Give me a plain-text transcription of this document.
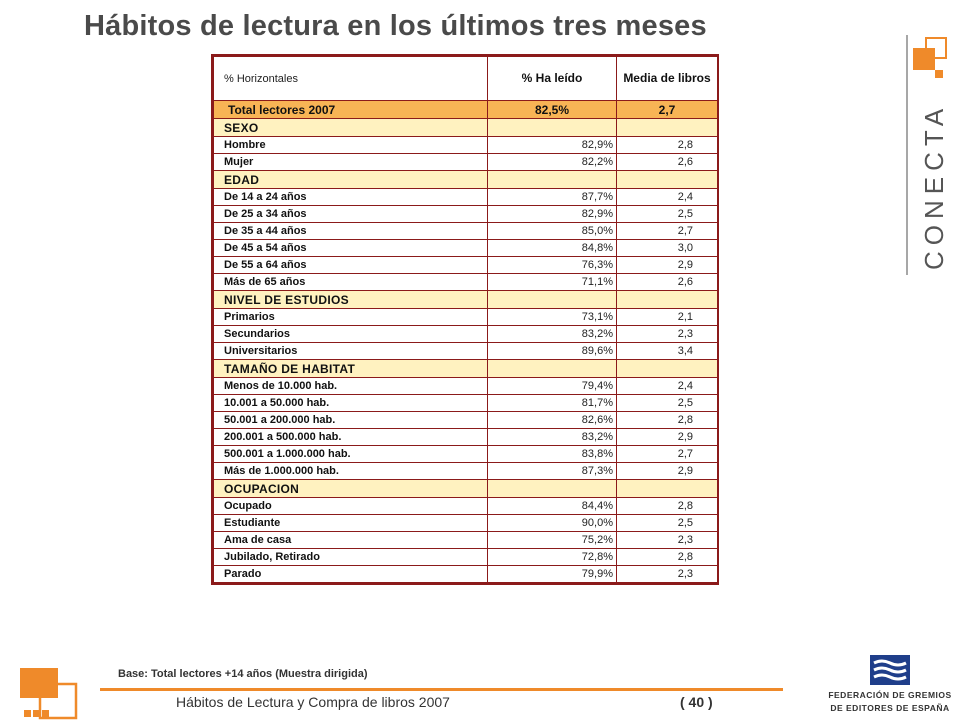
Hábitos de lectura en los últimos tres meses
% Horizontales	% Ha leído	Media de libros
Total lectores 2007	82,5%	2,7
SEXO		
Hombre	82,9%	2,8
Mujer	82,2%	2,6
EDAD		
De 14 a 24 años	87,7%	2,4
De 25 a 34 años	82,9%	2,5
De 35 a 44 años	85,0%	2,7
De 45 a 54 años	84,8%	3,0
De 55 a 64 años	76,3%	2,9
Más de 65 años	71,1%	2,6
NIVEL DE ESTUDIOS		
Primarios	73,1%	2,1
Secundarios	83,2%	2,3
Universitarios	89,6%	3,4
TAMAÑO DE HABITAT		
Menos de 10.000 hab.	79,4%	2,4
10.001 a 50.000 hab.	81,7%	2,5
50.001 a 200.000 hab.	82,6%	2,8
200.001 a 500.000 hab.	83,2%	2,9
500.001 a 1.000.000 hab.	83,8%	2,7
Más de 1.000.000 hab.	87,3%	2,9
OCUPACION		
Ocupado	84,4%	2,8
Estudiante	90,0%	2,5
Ama de casa	75,2%	2,3
Jubilado, Retirado	72,8%	2,8
Parado	79,9%	2,3
CONECTA
Base: Total lectores +14 años (Muestra dirigida)
Hábitos de Lectura y Compra de libros 2007	( 40 )	FEDERACIÓN DE GREMIOS
DE EDITORES DE ESPAÑA
